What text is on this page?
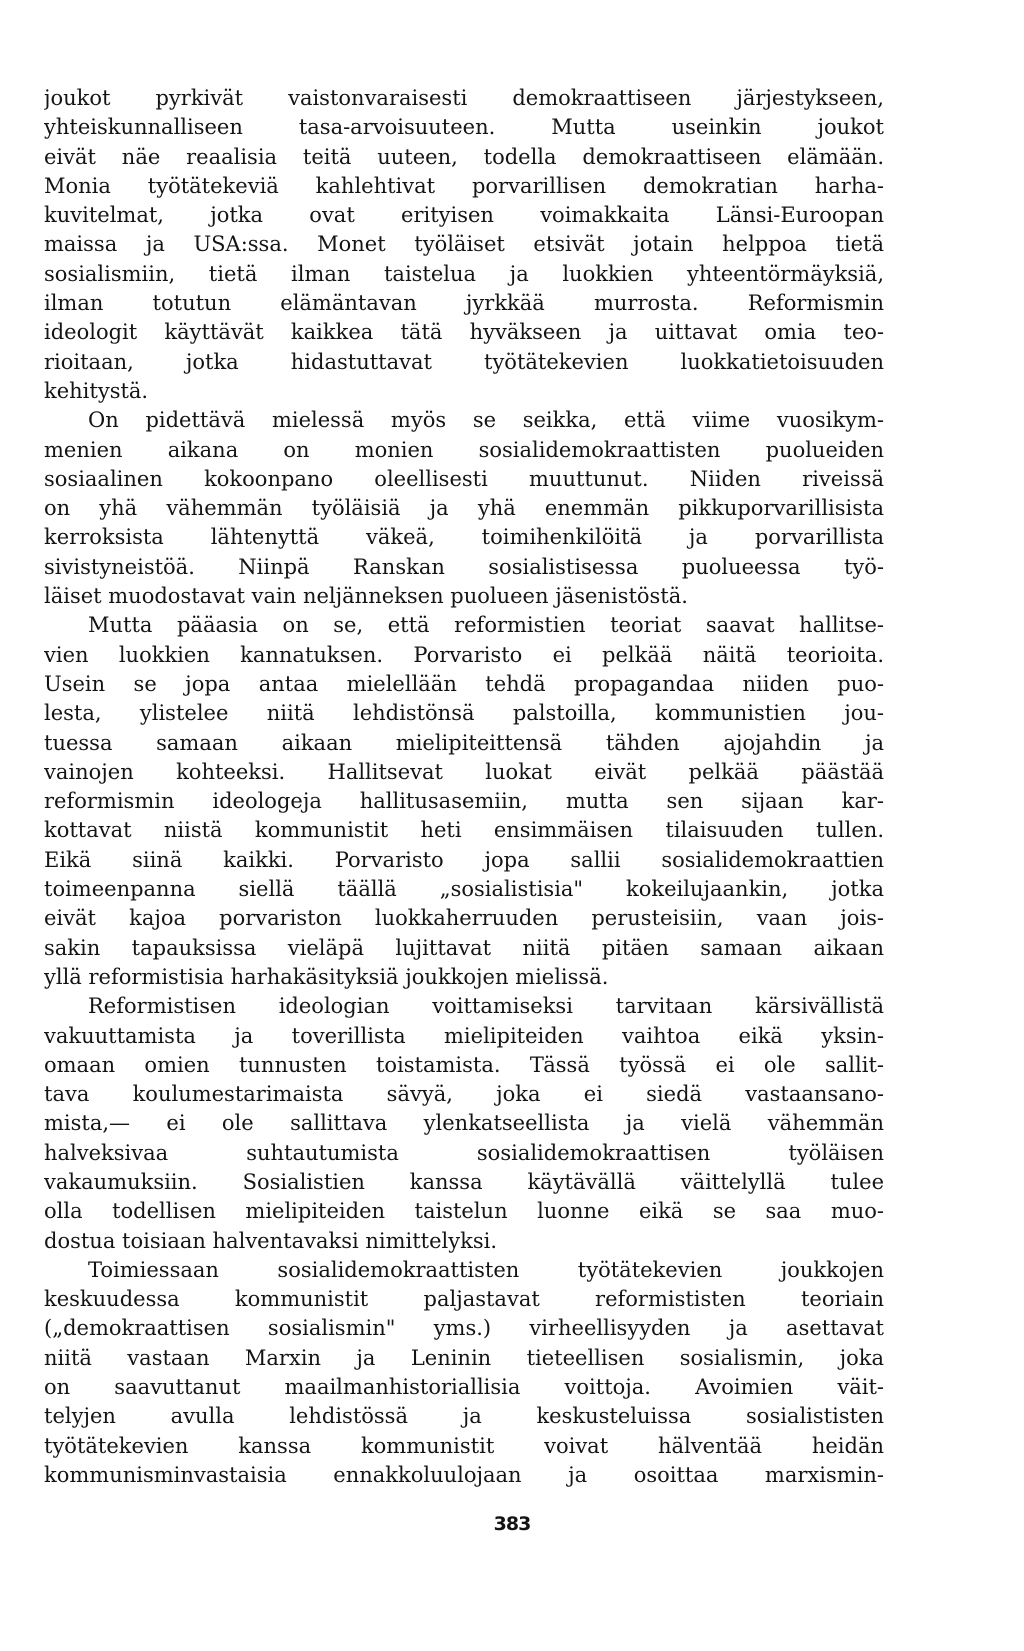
joukot pyrkivät vaistonvaraisesti demokraattiseen järjestykseen,
yhteiskunnalliseen tasa-arvoisuuteen. Mutta useinkin joukot
eivät näe reaalisia teitä uuteen, todella demokraattiseen elämään.
Monia työtätekeviä kahlehtivat porvarillisen demokratian harha-
kuvitelmat, jotka ovat erityisen voimakkaita Länsi-Euroopan
maissa ja USA:ssa. Monet työläiset etsivät jotain helppoa tietä
sosialismiin, tietä ilman taistelua ja luokkien yhteentörmäyksiä,
ilman totutun elämäntavan jyrkkää murrosta. Reformismin
ideologit käyttävät kaikkea tätä hyväkseen ja uittavat omia teo-
rioitaan, jotka hidastuttavat työtätekevien luokkatietoisuuden
kehitystä.
On pidettävä mielessä myös se seikka, että viime vuosikym-
menien aikana on monien sosialidemokraattisten puolueiden
sosiaalinen kokoonpano oleellisesti muuttunut. Niiden riveissä
on yhä vähemmän työläisiä ja yhä enemmän pikkuporvarillisista
kerroksista lähtenyttä väkeä, toimihenkilöitä ja porvarillista
sivistyneistöä. Niinpä Ranskan sosialistisessa puolueessa työ-
läiset muodostavat vain neljänneksen puolueen jäsenistöstä.
Mutta pääasia on se, että reformistien teoriat saavat hallitse-
vien luokkien kannatuksen. Porvaristo ei pelkää näitä teorioita.
Usein se jopa antaa mielellään tehdä propagandaa niiden puo-
lesta, ylistelee niitä lehdistönsä palstoilla, kommunistien jou-
tuessa samaan aikaan mielipiteittensä tähden ajojahdin ja
vainojen kohteeksi. Hallitsevat luokat eivät pelkää päästää
reformismin ideologeja hallitusasemiin, mutta sen sijaan kar-
kottavat niistä kommunistit heti ensimmäisen tilaisuuden tullen.
Eikä siinä kaikki. Porvaristo jopa sallii sosialidemokraattien
toimeenpanna siellä täällä „sosialistisia" kokeilujaankin, jotka
eivät kajoa porvariston luokkaherruuden perusteisiin, vaan jois-
sakin tapauksissa vieläpä lujittavat niitä pitäen samaan aikaan
yllä reformistisia harhakäsityksiä joukkojen mielissä.
Reformistisen ideologian voittamiseksi tarvitaan kärsivällistä
vakuuttamista ja toverillista mielipiteiden vaihtoa eikä yksin-
omaan omien tunnusten toistamista. Tässä työssä ei ole sallit-
tava koulumestarimaista sävyä, joka ei siedä vastaansano-
mista,— ei ole sallittava ylenkatseellista ja vielä vähemmän
halveksivaa suhtautumista sosialidemokraattisen työläisen
vakaumuksiin. Sosialistien kanssa käytävällä väittelyllä tulee
olla todellisen mielipiteiden taistelun luonne eikä se saa muo-
dostua toisiaan halventavaksi nimittelyksi.
Toimiessaan sosialidemokraattisten työtätekevien joukkojen
keskuudessa kommunistit paljastavat reformististen teoriain
(„demokraattisen sosialismin" yms.) virheellisyyden ja asettavat
niitä vastaan Marxin ja Leninin tieteellisen sosialismin, joka
on saavuttanut maailmanhistoriallisia voittoja. Avoimien väit-
telyjen avulla lehdistössä ja keskusteluissa sosialististen
työtätekevien kanssa kommunistit voivat hälventää heidän
kommunisminvastaisia ennakkoluulojaan ja osoittaa marxismin-
383
